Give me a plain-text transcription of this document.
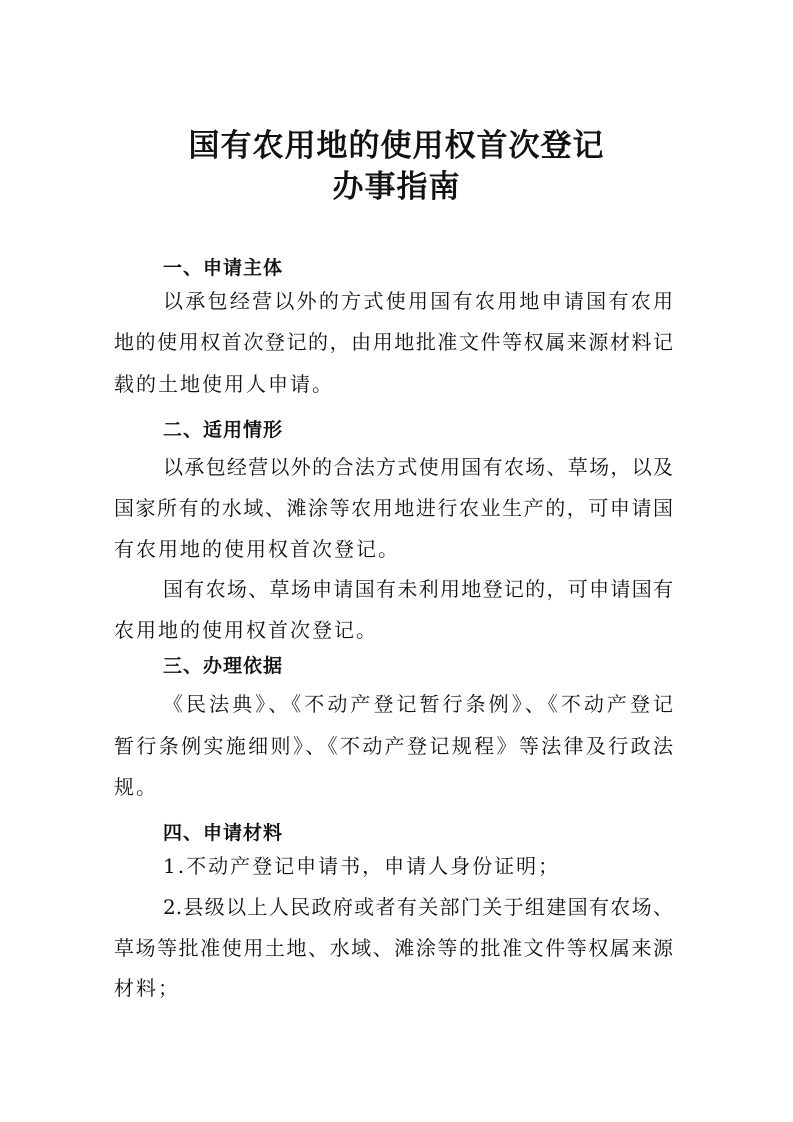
国有农用地的使用权首次登记
办事指南
一、申请主体
以承包经营以外的方式使用国有农用地申请国有农用
地的使用权首次登记的，由用地批准文件等权属来源材料记
载的土地使用人申请。
二、适用情形
以承包经营以外的合法方式使用国有农场、草场，以及
国家所有的水域、滩涂等农用地进行农业生产的，可申请国
有农用地的使用权首次登记。
国有农场、草场申请国有未利用地登记的，可申请国有
农用地的使用权首次登记。
三、办理依据
《民法典》、《不动产登记暂行条例》、《不动产登记
暂行条例实施细则》、《不动产登记规程》等法律及行政法
规。
四、申请材料
1.不动产登记申请书，申请人身份证明；
2.县级以上人民政府或者有关部门关于组建国有农场、
草场等批准使用土地、水域、滩涂等的批准文件等权属来源
材料；
